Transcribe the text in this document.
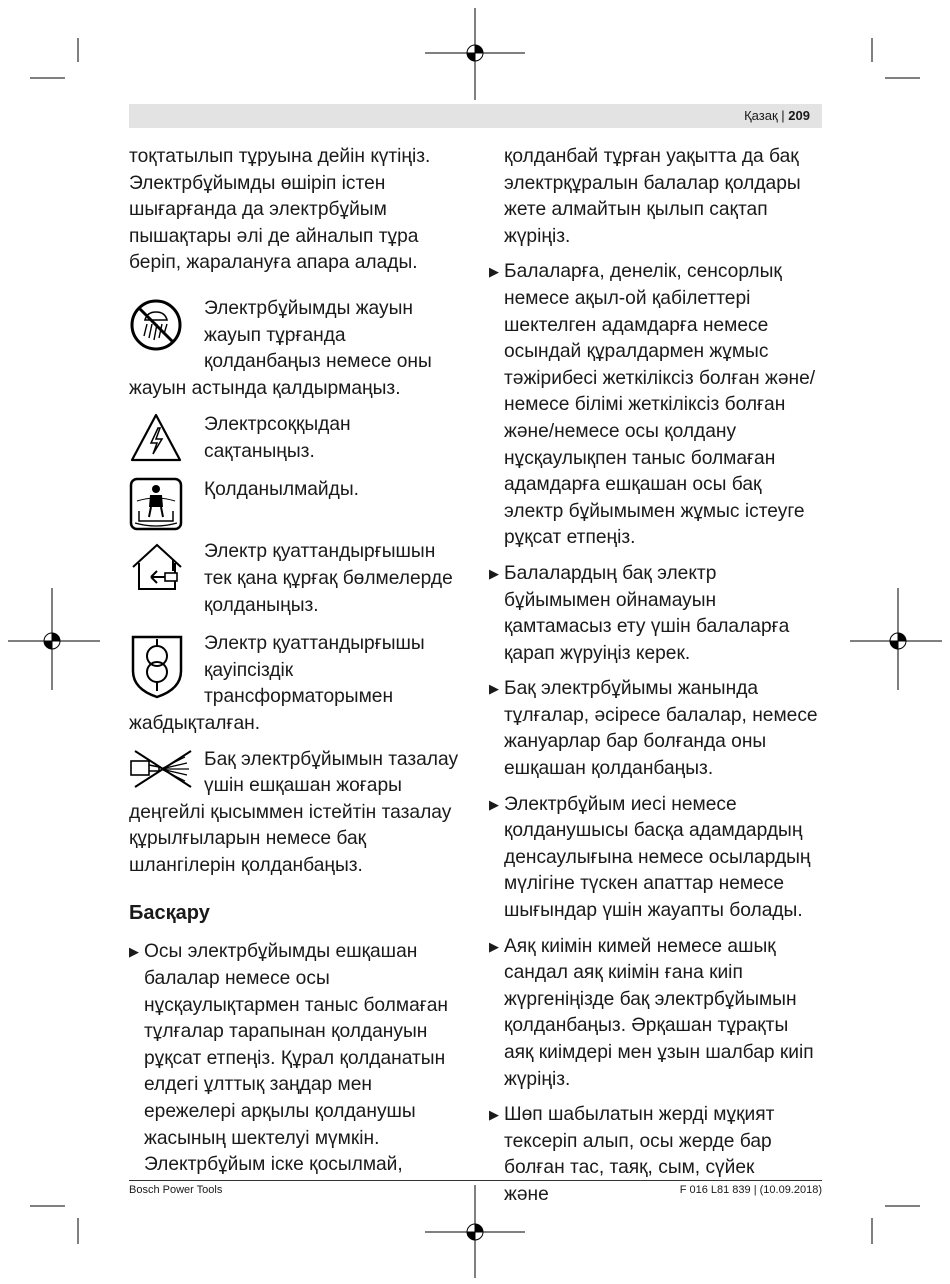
Қазақ | 209

тоқтатылып тұруына дейін күтіңіз. Электрбұйымды өшіріп істен шығарғанда да электрбұйым пышақтары әлі де айналып тұра беріп, жаралануға апара алады.

Электрбұйымды жауын
жауып тұрғанда
қолданбаңыз немесе оны
жауын астында қалдырмаңыз.
Электрсоққыдан
сақтаныңыз.
Қолданылмайды.
Электр қуаттандырғышын
тек қана құрғақ бөлмелерде
қолданыңыз.
Электр қуаттандырғышы
қауіпсіздік
трансформаторымен
жабдықталған.
Бақ электрбұйымын тазалау
үшін ешқашан жоғары
деңгейлі қысыммен істейтін тазалау
құрылғыларын немесе бақ
шлангілерін қолданбаңыз.
Басқару
▶ Осы электрбұйымды ешқашан балалар немесе осы нұсқаулықтармен таныс болмаған тұлғалар тарапынан қолдануын рұқсат етпеңіз. Құрал қолданатын елдегі ұлттық заңдар мен ережелері арқылы қолданушы жасының шектелуі мүмкін. Электрбұйым іске қосылмай,

қолданбай тұрған уақытта да бақ электрқұралын балалар қолдары жете алмайтын қылып сақтап жүріңіз.

▶ Балаларға, денелік, сенсорлық немесе ақыл-ой қабілеттері шектелген адамдарға немесе осындай құралдармен жұмыс тәжірибесі жеткіліксіз болған және/немесе білімі жеткіліксіз болған және/немесе осы қолдану нұсқаулықпен таныс болмаған адамдарға ешқашан осы бақ электр бұйымымен жұмыс істеуге рұқсат етпеңіз.
▶ Балалардың бақ электр бұйымымен ойнамауын қамтамасыз ету үшін балаларға қарап жүруіңіз керек.
▶ Бақ электрбұйымы жанында тұлғалар, әсіресе балалар, немесе жануарлар бар болғанда оны ешқашан қолданбаңыз.
▶ Электрбұйым иесі немесе қолданушысы басқа адамдардың денсаулығына немесе осылардың мүлігіне түскен апаттар немесе шығындар үшін жауапты болады.
▶ Аяқ киімін кимей немесе ашық сандал аяқ киімін ғана киіп жүргеніңізде бақ электрбұйымын қолданбаңыз. Әрқашан тұрақты аяқ киімдері мен ұзын шалбар киіп жүріңіз.
▶ Шөп шабылатын жерді мұқият тексеріп алып, осы жерде бар болған тас, таяқ, сым, сүйек және
Bosch Power Tools	F 016 L81 839 | (10.09.2018)
